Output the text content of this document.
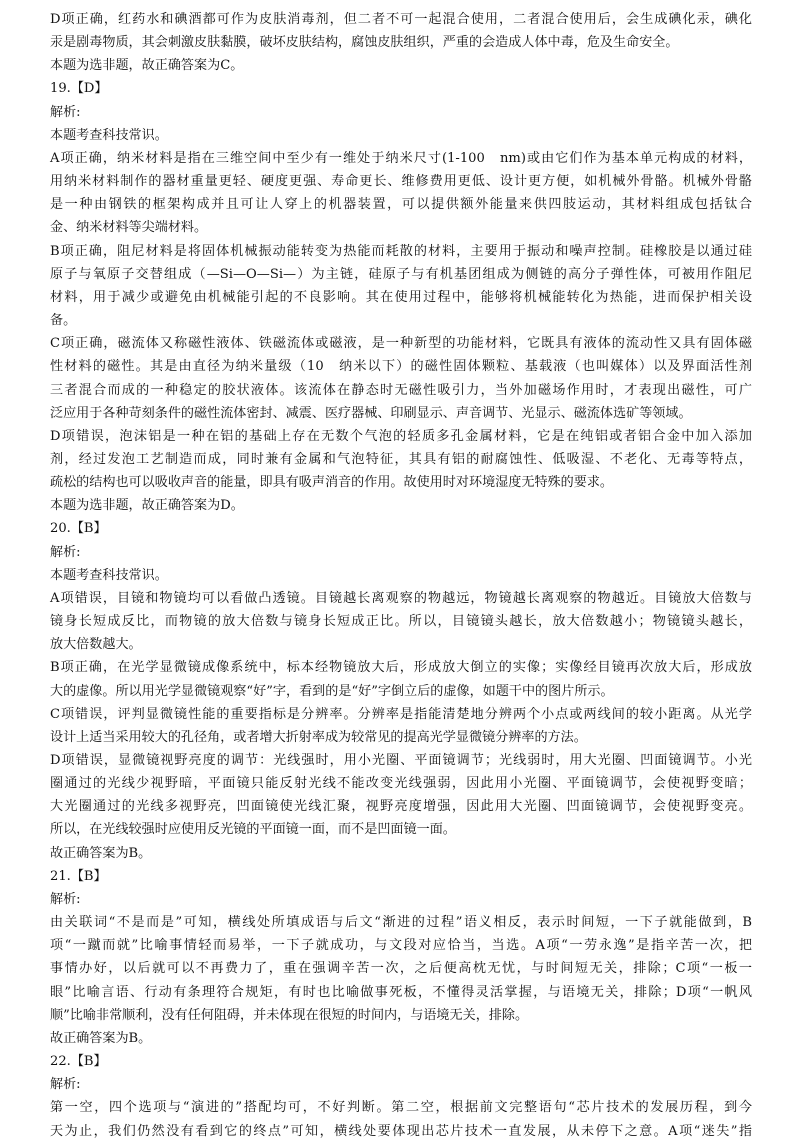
D项正确，红药水和碘酒都可作为皮肤消毒剂，但二者不可一起混合使用，二者混合使用后，会生成碘化汞，碘化
汞是剧毒物质，其会刺激皮肤黏膜，破坏皮肤结构，腐蚀皮肤组织，严重的会造成人体中毒，危及生命安全。
本题为选非题，故正确答案为C。
19.【D】
解析:
本题考查科技常识。
A项正确，纳米材料是指在三维空间中至少有一维处于纳米尺寸(1-100　nm)或由它们作为基本单元构成的材料，
用纳米材料制作的器材重量更轻、硬度更强、寿命更长、维修费用更低、设计更方便，如机械外骨骼。机械外骨骼
是一种由钢铁的框架构成并且可让人穿上的机器装置，可以提供额外能量来供四肢运动，其材料组成包括钛合
金、纳米材料等尖端材料。
B项正确，阻尼材料是将固体机械振动能转变为热能而耗散的材料，主要用于振动和噪声控制。硅橡胶是以通过硅
原子与氧原子交替组成（—Si—O—Si—）为主链，硅原子与有机基团组成为侧链的高分子弹性体，可被用作阻尼
材料，用于减少或避免由机械能引起的不良影响。其在使用过程中，能够将机械能转化为热能，进而保护相关设
备。
C项正确，磁流体又称磁性液体、铁磁流体或磁液，是一种新型的功能材料，它既具有液体的流动性又具有固体磁
性材料的磁性。其是由直径为纳米量级（10　纳米以下）的磁性固体颗粒、基载液（也叫媒体）以及界面活性剂
三者混合而成的一种稳定的胶状液体。该流体在静态时无磁性吸引力，当外加磁场作用时，才表现出磁性，可广
泛应用于各种苛刻条件的磁性流体密封、减震、医疗器械、印刷显示、声音调节、光显示、磁流体选矿等领域。
D项错误，泡沫铝是一种在铝的基础上存在无数个气泡的轻质多孔金属材料，它是在纯铝或者铝合金中加入添加
剂，经过发泡工艺制造而成，同时兼有金属和气泡特征，其具有铝的耐腐蚀性、低吸湿、不老化、无毒等特点，
疏松的结构也可以吸收声音的能量，即具有吸声消音的作用。故使用时对环境湿度无特殊的要求。
本题为选非题，故正确答案为D。
20.【B】
解析:
本题考查科技常识。
A项错误，目镜和物镜均可以看做凸透镜。目镜越长离观察的物越远，物镜越长离观察的物越近。目镜放大倍数与
镜身长短成反比，而物镜的放大倍数与镜身长短成正比。所以，目镜镜头越长，放大倍数越小；物镜镜头越长，
放大倍数越大。
B项正确，在光学显微镜成像系统中，标本经物镜放大后，形成放大倒立的实像；实像经目镜再次放大后，形成放
大的虚像。所以用光学显微镜观察“好”字，看到的是“好”字倒立后的虚像，如题干中的图片所示。
C项错误，评判显微镜性能的重要指标是分辨率。分辨率是指能清楚地分辨两个小点或两线间的较小距离。从光学
设计上适当采用较大的孔径角，或者增大折射率成为较常见的提高光学显微镜分辨率的方法。
D项错误，显微镜视野亮度的调节：光线强时，用小光圈、平面镜调节；光线弱时，用大光圈、凹面镜调节。小光
圈通过的光线少视野暗，平面镜只能反射光线不能改变光线强弱，因此用小光圈、平面镜调节，会使视野变暗；
大光圈通过的光线多视野亮，凹面镜使光线汇聚，视野亮度增强，因此用大光圈、凹面镜调节，会使视野变亮。
所以，在光线较强时应使用反光镜的平面镜一面，而不是凹面镜一面。
故正确答案为B。
21.【B】
解析:
由关联词“不是而是”可知，横线处所填成语与后文“渐进的过程”语义相反，表示时间短，一下子就能做到，B
项“一蹴而就”比喻事情轻而易举，一下子就成功，与文段对应恰当，当选。A项“一劳永逸”是指辛苦一次，把
事情办好，以后就可以不再费力了，重在强调辛苦一次，之后便高枕无忧，与时间短无关，排除；C项“一板一
眼”比喻言语、行动有条理符合规矩，有时也比喻做事死板，不懂得灵活掌握，与语境无关，排除；D项“一帆风
顺”比喻非常顺利，没有任何阻碍，并未体现在很短的时间内，与语境无关，排除。
故正确答案为B。
22.【B】
解析:
第一空，四个选项与“演进的”搭配均可，不好判断。第二空，根据前文完整语句“芯片技术的发展历程，到今
天为止，我们仍然没有看到它的终点”可知，横线处要体现出芯片技术一直发展，从未停下之意。A项“迷失”指
